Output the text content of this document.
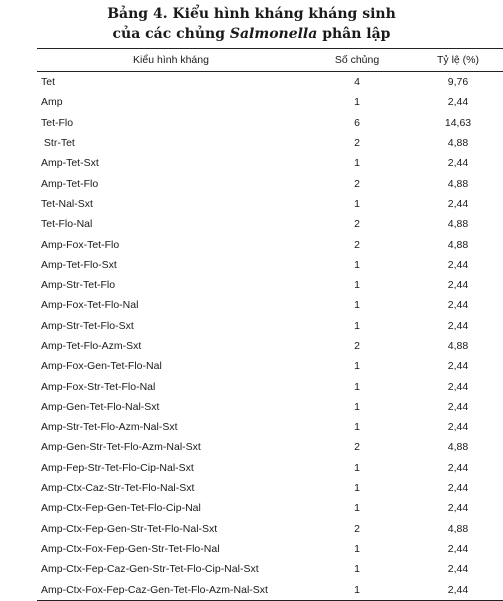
Bảng 4. Kiểu hình kháng kháng sinh
của các chủng Salmonella phân lập
Kiểu hình kháng	Số chủng	Tỷ lệ (%)
Tet	4	9,76
Amp	1	2,44
Tet-Flo	6	14,63
Str-Tet	2	4,88
Amp-Tet-Sxt	1	2,44
Amp-Tet-Flo	2	4,88
Tet-Nal-Sxt	1	2,44
Tet-Flo-Nal	2	4,88
Amp-Fox-Tet-Flo	2	4,88
Amp-Tet-Flo-Sxt	1	2,44
Amp-Str-Tet-Flo	1	2,44
Amp-Fox-Tet-Flo-Nal	1	2,44
Amp-Str-Tet-Flo-Sxt	1	2,44
Amp-Tet-Flo-Azm-Sxt	2	4,88
Amp-Fox-Gen-Tet-Flo-Nal	1	2,44
Amp-Fox-Str-Tet-Flo-Nal	1	2,44
Amp-Gen-Tet-Flo-Nal-Sxt	1	2,44
Amp-Str-Tet-Flo-Azm-Nal-Sxt	1	2,44
Amp-Gen-Str-Tet-Flo-Azm-Nal-Sxt	2	4,88
Amp-Fep-Str-Tet-Flo-Cip-Nal-Sxt	1	2,44
Amp-Ctx-Caz-Str-Tet-Flo-Nal-Sxt	1	2,44
Amp-Ctx-Fep-Gen-Tet-Flo-Cip-Nal	1	2,44
Amp-Ctx-Fep-Gen-Str-Tet-Flo-Nal-Sxt	2	4,88
Amp-Ctx-Fox-Fep-Gen-Str-Tet-Flo-Nal	1	2,44
Amp-Ctx-Fep-Caz-Gen-Str-Tet-Flo-Cip-Nal-Sxt	1	2,44
Amp-Ctx-Fox-Fep-Caz-Gen-Tet-Flo-Azm-Nal-Sxt	1	2,44
